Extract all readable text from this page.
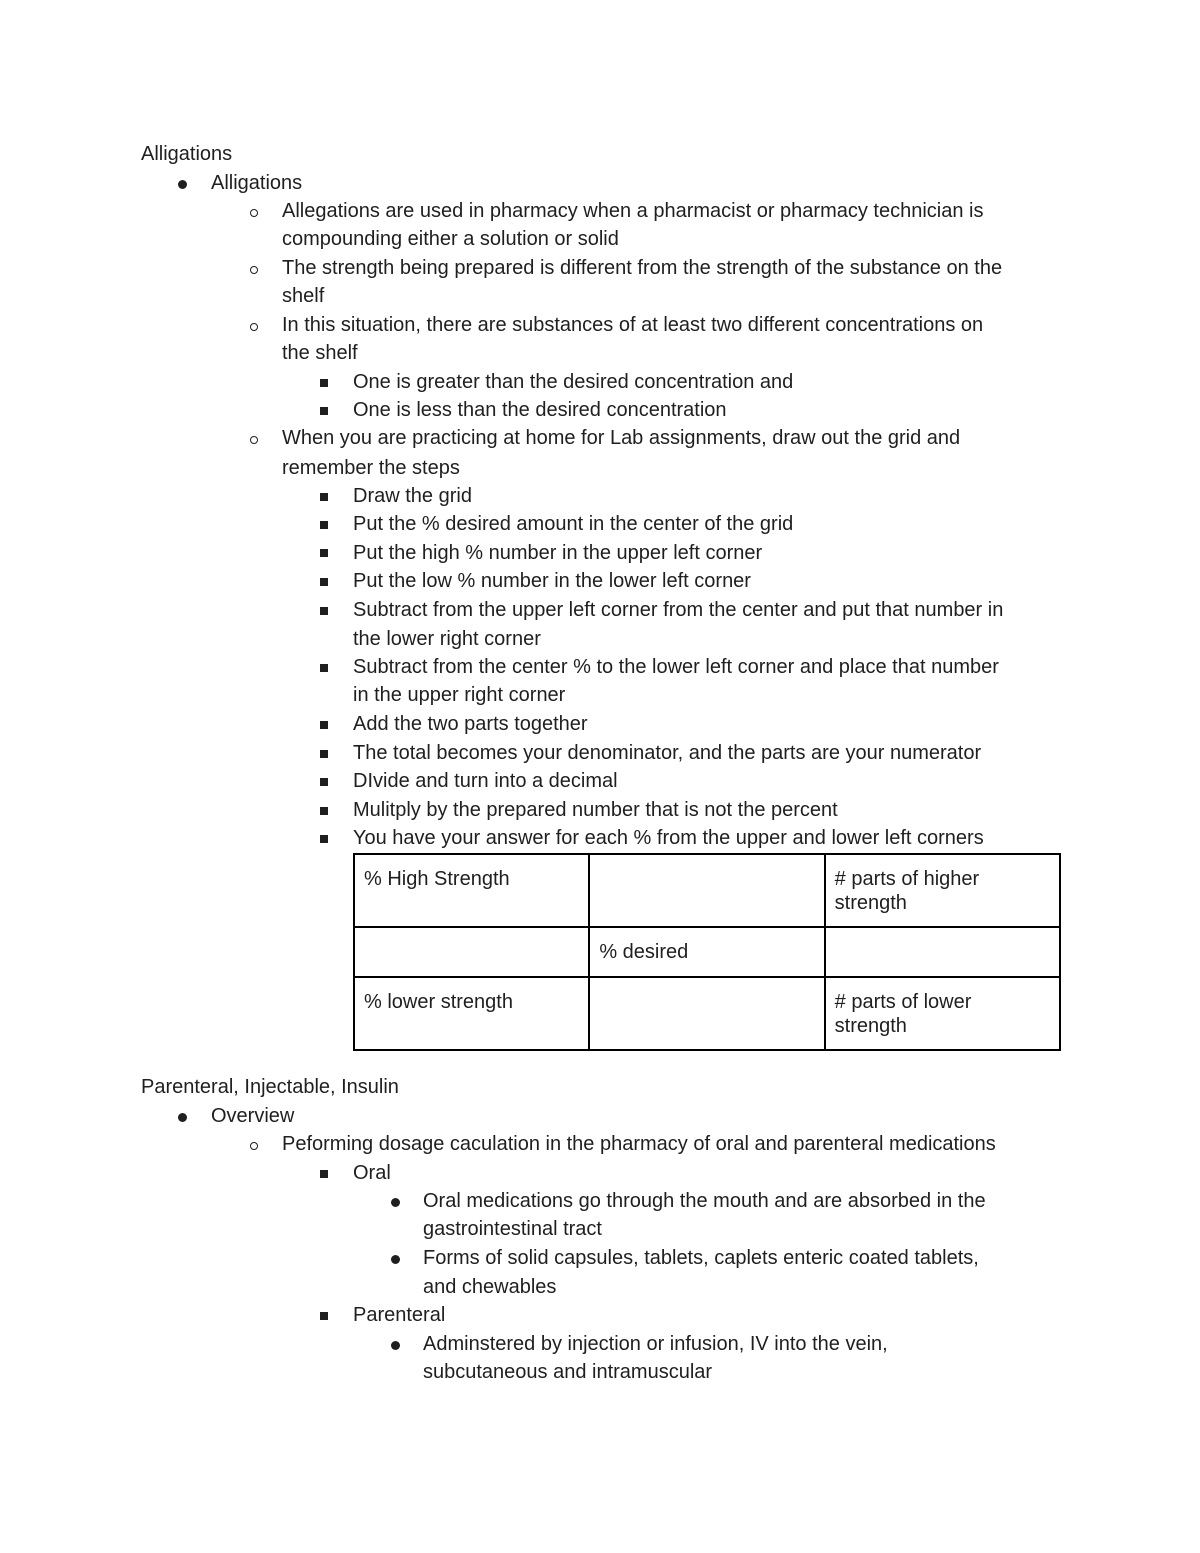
Alligations
Alligations
Allegations are used in pharmacy when a pharmacist or pharmacy technician is
compounding either a solution or solid
The strength being prepared is different from the strength of the substance on the
shelf
In this situation, there are substances of at least two different concentrations on
the shelf
One is greater than the desired concentration and
One is less than the desired concentration
When you are practicing at home for Lab assignments, draw out the grid and
remember the steps
Draw the grid
Put the % desired amount in the center of the grid
Put the high % number in the upper left corner
Put the low % number in the lower left corner
Subtract from the upper left corner from the center and put that number in
the lower right corner
Subtract from the center % to the lower left corner and place that number
in the upper right corner
Add the two parts together
The total becomes your denominator, and the parts are your numerator
DIvide and turn into a decimal
Mulitply by the prepared number that is not the percent
You have your answer for each % from the upper and lower left corners
% High Strength		# parts of higher
strength

	% desired	

% lower strength		# parts of lower
strength
Parenteral, Injectable, Insulin
Overview
Peforming dosage caculation in the pharmacy of oral and parenteral medications
Oral
Oral medications go through the mouth and are absorbed in the
gastrointestinal tract
Forms of solid capsules, tablets, caplets enteric coated tablets,
and chewables
Parenteral
Adminstered by injection or infusion, IV into the vein,
subcutaneous and intramuscular
